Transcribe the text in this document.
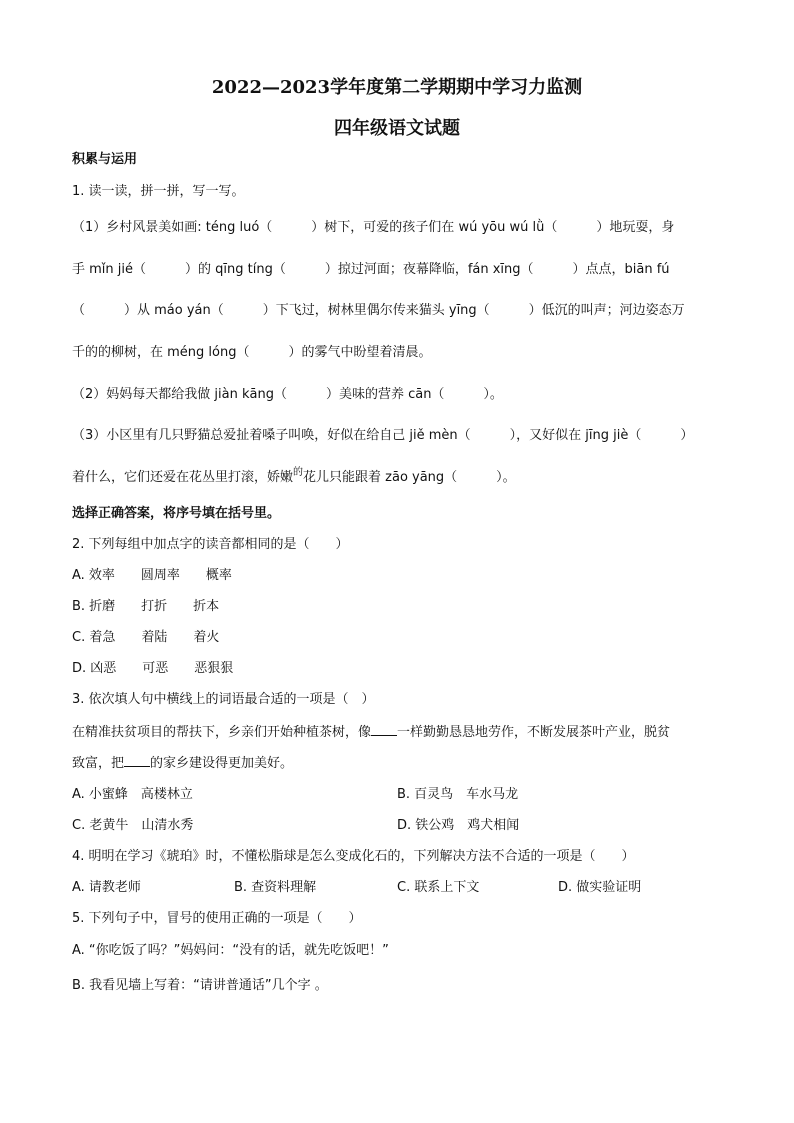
2022—2023学年度第二学期期中学习力监测
四年级语文试题
积累与运用
1. 读一读，拼一拼，写一写。
（1）乡村风景美如画: téng luó（　　　）树下，可爱的孩子们在 wú yōu wú lǜ（　　　）地玩耍，身
手 mǐn jié（　　　）的 qīng tíng（　　　）掠过河面；夜幕降临，fán xīng（　　　）点点，biān fú
（　　　）从 máo yán（　　　）下飞过，树林里偶尔传来猫头 yīng（　　　）低沉的叫声；河边姿态万
千的的柳树，在 méng lóng（　　　）的雾气中盼望着清晨。
（2）妈妈每天都给我做 jiàn kāng（　　　）美味的营养 cān（　　　）。
（3）小区里有几只野猫总爱扯着嗓子叫唤，好似在给自己 jiě mèn（　　　），又好似在 jīng jiè（　　　）
着什么，它们还爱在花丛里打滚，娇嫩$^的$花儿只能跟着 zāo yāng（　　　）。
选择正确答案，将序号填在括号里。
2. 下列每组中加点字的读音都相同的是（　　）
A. 效率　　圆周率　　概率
B. 折磨　　打折　　折本
C. 着急　　着陆　　着火
D. 凶恶　　可恶　　恶狠狠
3. 依次填人句中横线上的词语最合适的一项是（　）
在精准扶贫项目的帮扶下，乡亲们开始种植茶树，像 一样勤勤恳恳地劳作，不断发展茶叶产业，脱贫
致富，把 的家乡建设得更加美好。
A. 小蜜蜂　高楼林立	B. 百灵鸟　车水马龙
C. 老黄牛　山清水秀	D. 铁公鸡　鸡犬相闻
4. 明明在学习《琥珀》时，不懂松脂球是怎么变成化石的，下列解决方法不合适的一项是（　　）
A. 请教老师	B. 查资料理解	C. 联系上下文	D. 做实验证明
5. 下列句子中，冒号的使用正确的一项是（　　）
A. “你吃饭了吗？”妈妈问：“没有的话，就先吃饭吧！”
B. 我看见墙上写着：“请讲普通话”几个字 。
